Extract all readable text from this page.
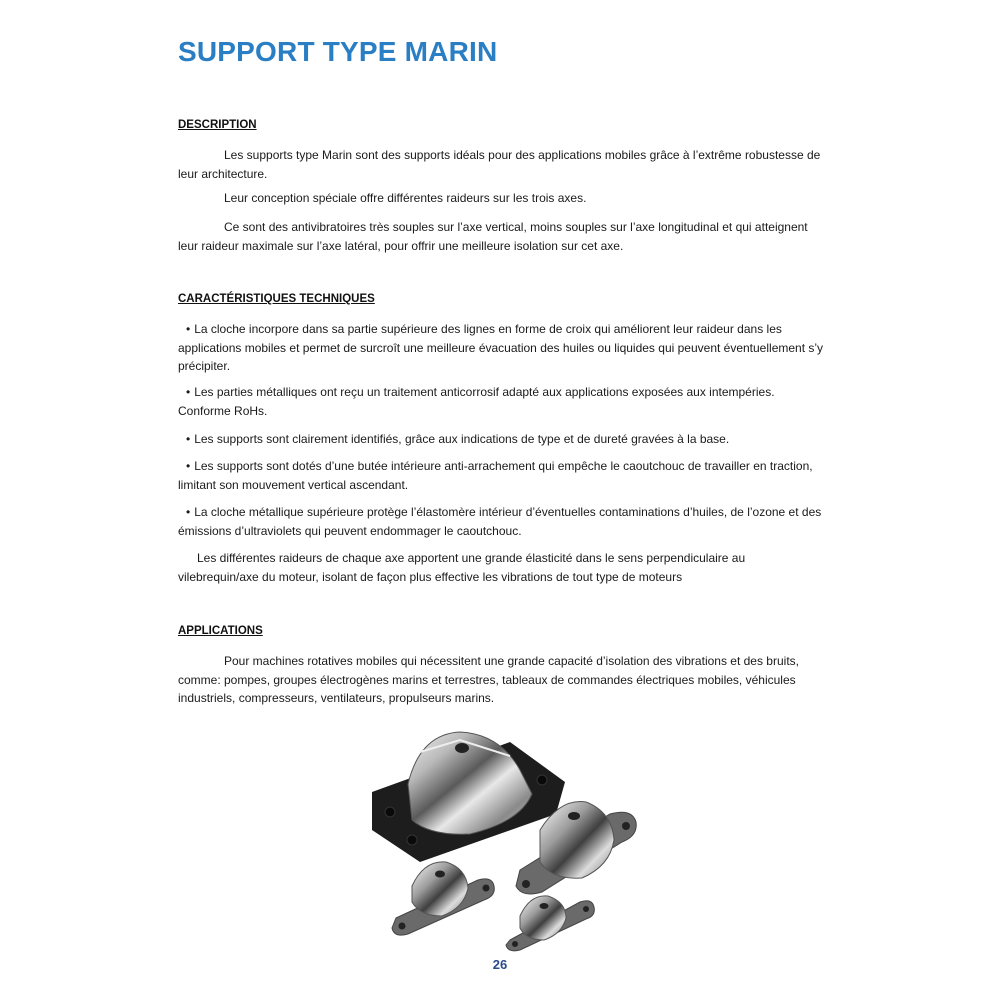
SUPPORT TYPE MARIN
DESCRIPTION

Les supports type Marin sont des supports idéals pour des applications mobiles grâce à l’extrême robustesse de leur architecture.

Leur conception spéciale offre différentes raideurs sur les trois axes.

Ce sont des antivibratoires très souples sur l’axe vertical, moins souples sur l’axe longitudinal et qui atteignent leur raideur maximale sur l’axe latéral, pour offrir une meilleure isolation sur cet axe.

CARACTÉRISTIQUES TECHNIQUES

• La cloche incorpore dans sa partie supérieure des lignes en forme de croix qui améliorent leur raideur dans les applications mobiles et permet de surcroît une meilleure évacuation des huiles ou liquides qui peuvent éventuellement s’y précipiter.

• Les parties métalliques ont reçu un traitement anticorrosif adapté aux applications exposées aux intempéries. Conforme RoHs.

• Les supports sont clairement identifiés, grâce aux indications de type et de dureté gravées à la base.

• Les supports sont dotés d’une butée intérieure anti-arrachement qui empêche le caoutchouc de travailler en traction, limitant son mouvement vertical ascendant.

• La cloche métallique supérieure protège l’élastomère intérieur d’éventuelles contaminations d’huiles, de l’ozone et des émissions d’ultraviolets qui peuvent endommager le caoutchouc.

Les différentes raideurs de chaque axe apportent une grande élasticité dans le sens perpendiculaire au vilebrequin/axe du moteur, isolant de façon plus effective les vibrations de tout type de moteurs

APPLICATIONS

Pour machines rotatives mobiles qui nécessitent une grande capacité d’isolation des vibrations et des bruits, comme: pompes, groupes électrogènes marins et terrestres, tableaux de commandes électriques mobiles, véhicules industriels, compresseurs, ventilateurs, propulseurs marins.

26
